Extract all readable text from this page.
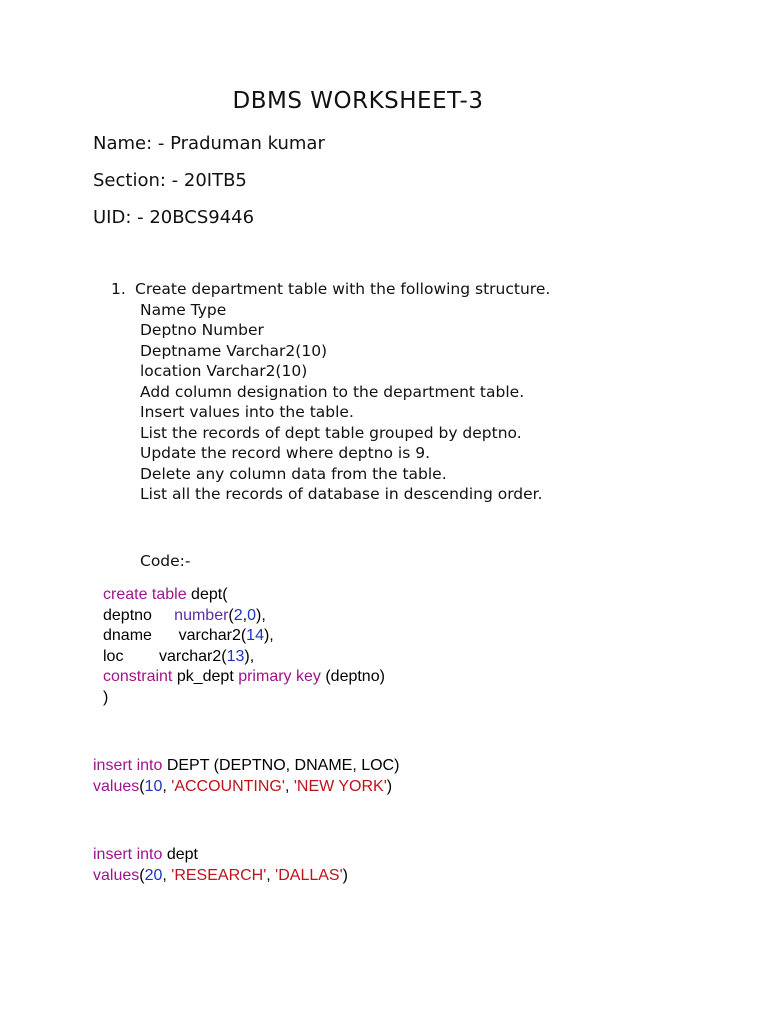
DBMS WORKSHEET-3
Name: - Praduman kumar
Section: - 20ITB5
UID: - 20BCS9446
1. Create department table with the following structure.
Name Type
Deptno Number
Deptname Varchar2(10)
location Varchar2(10)
Add column designation to the department table.
Insert values into the table.
List the records of dept table grouped by deptno.
Update the record where deptno is 9.
Delete any column data from the table.
List all the records of database in descending order.
Code:-
create table dept(
deptno number(2,0),
dname varchar2(14),
loc varchar2(13),
constraint pk_dept primary key (deptno)
)
insert into DEPT (DEPTNO, DNAME, LOC)
values(10, 'ACCOUNTING', 'NEW YORK')
insert into dept
values(20, 'RESEARCH', 'DALLAS')
